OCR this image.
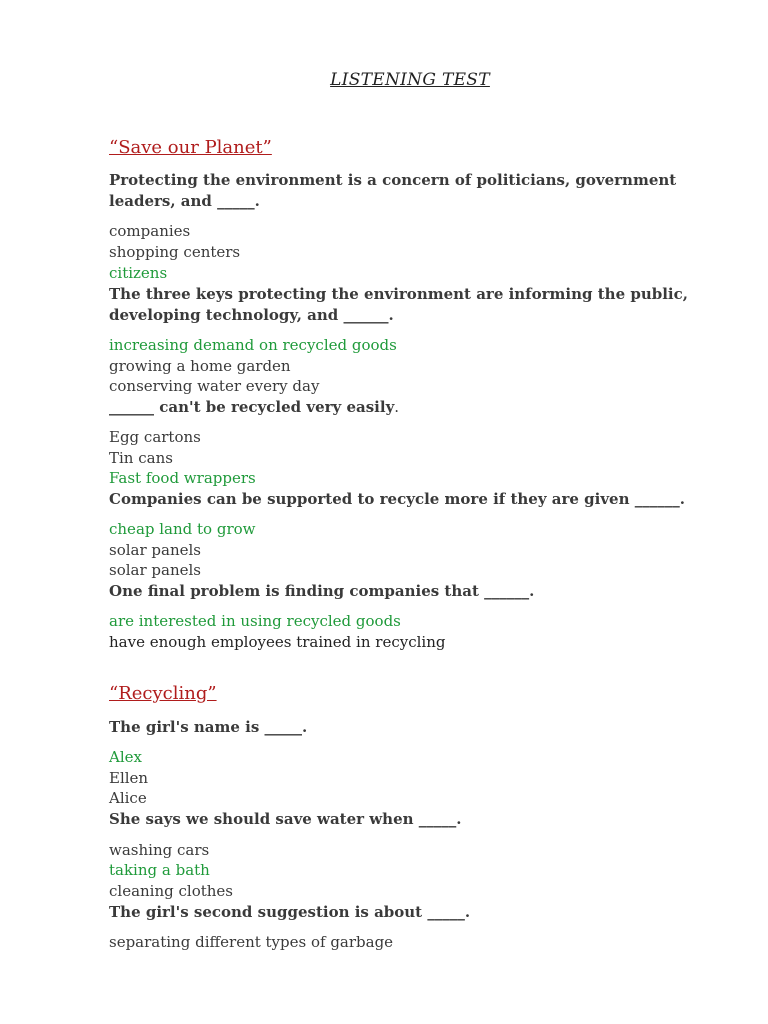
LISTENING TEST
“Save our Planet”
Protecting the environment is a concern of politicians, government
leaders, and _____.
companies
shopping centers
citizens
The three keys protecting the environment are informing the public,
developing technology, and ______.
increasing demand on recycled goods
growing a home garden
conserving water every day
______ can't be recycled very easily.
Egg cartons
Tin cans
Fast food wrappers
Companies can be supported to recycle more if they are given ______.
cheap land to grow
solar panels
solar panels
One final problem is finding companies that ______.
are interested in using recycled goods
have enough employees trained in recycling
“Recycling”
The girl's name is _____.
Alex
Ellen
Alice
She says we should save water when _____.
washing cars
taking a bath
cleaning clothes
The girl's second suggestion is about _____.
separating different types of garbage
